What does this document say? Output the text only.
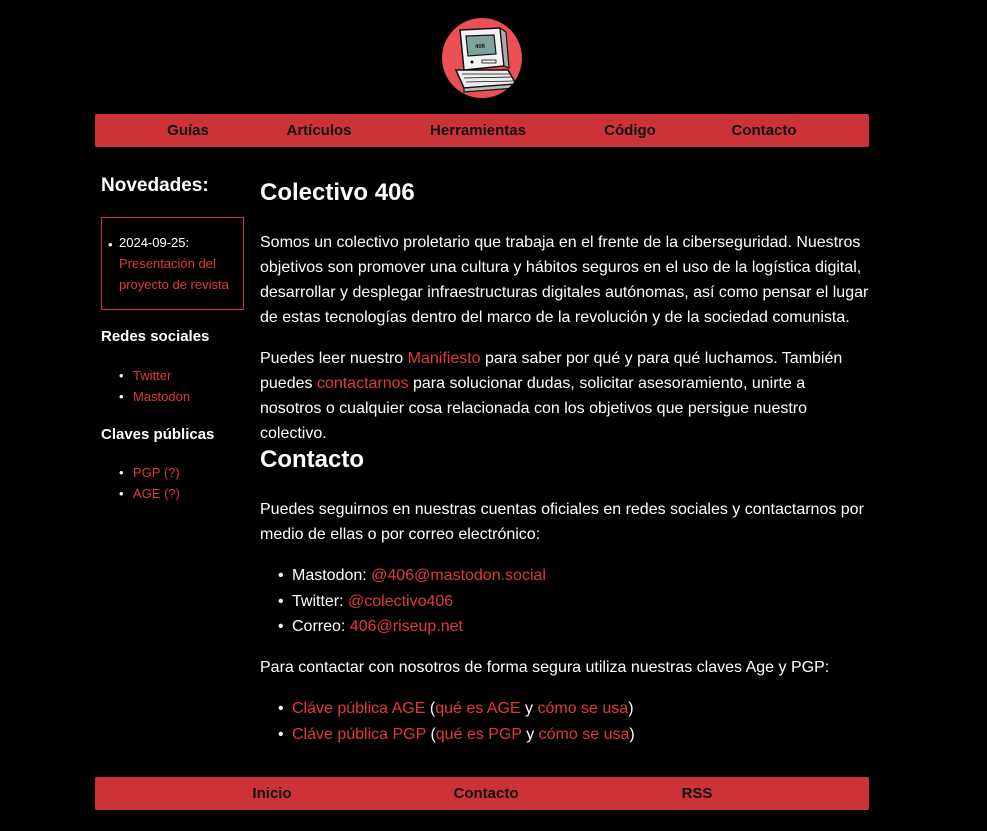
406
Guías	Artículos	Herramientas	Código	Contacto
Novedades:
• 2024-09-25:
Presentación del proyecto de revista
Redes sociales
• Twitter
• Mastodon
Claves públicas
• PGP (?)
• AGE (?)
Colectivo 406

Somos un colectivo proletario que trabaja en el frente de la ciberseguridad. Nuestros objetivos son promover una cultura y hábitos seguros en el uso de la logística digital, desarrollar y desplegar infraestructuras digitales autónomas, así como pensar el lugar de estas tecnologías dentro del marco de la revolución y de la sociedad comunista.

Puedes leer nuestro Manifiesto para saber por qué y para qué luchamos. También puedes contactarnos para solucionar dudas, solicitar asesoramiento, unirte a nosotros o cualquier cosa relacionada con los objetivos que persigue nuestro colectivo.

Contacto

Puedes seguirnos en nuestras cuentas oficiales en redes sociales y contactarnos por medio de ellas o por correo electrónico:

• Mastodon: @406@mastodon.social
• Twitter: @colectivo406
• Correo: 406@riseup.net

Para contactar con nosotros de forma segura utiliza nuestras claves Age y PGP:

• Cláve pública AGE (qué es AGE y cómo se usa)
• Cláve pública PGP (qué es PGP y cómo se usa)
Inicio	Contacto	RSS
